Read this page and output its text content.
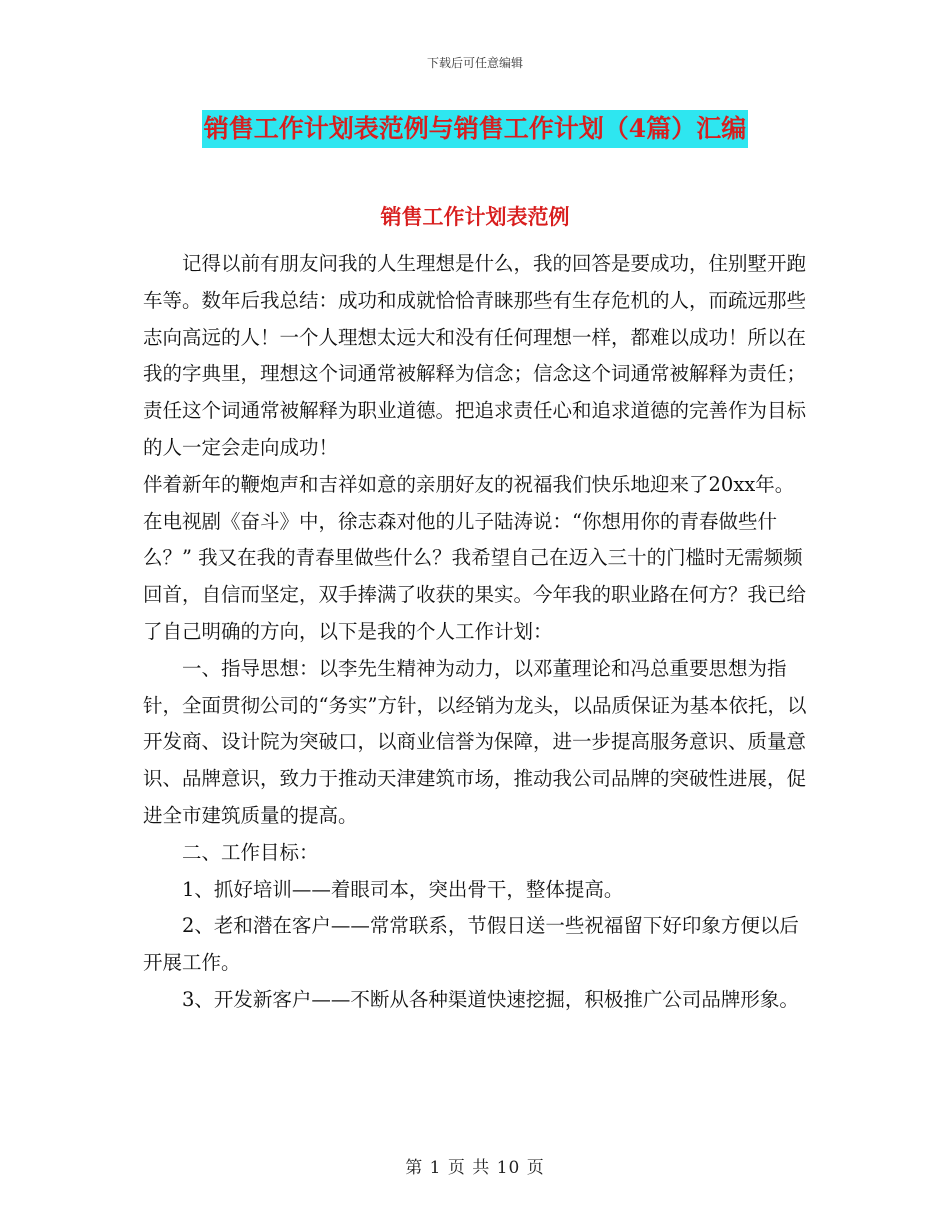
下载后可任意编辑
销售工作计划表范例与销售工作计划（4篇）汇编
销售工作计划表范例

记得以前有朋友问我的人生理想是什么，我的回答是要成功，住别墅开跑车等。数年后我总结：成功和成就恰恰青睐那些有生存危机的人，而疏远那些志向高远的人！一个人理想太远大和没有任何理想一样，都难以成功！所以在我的字典里，理想这个词通常被解释为信念；信念这个词通常被解释为责任；责任这个词通常被解释为职业道德。把追求责任心和追求道德的完善作为目标的人一定会走向成功！

伴着新年的鞭炮声和吉祥如意的亲朋好友的祝福我们快乐地迎来了20xx年。在电视剧《奋斗》中，徐志森对他的儿子陆涛说：“你想用你的青春做些什么？” 我又在我的青春里做些什么？我希望自己在迈入三十的门槛时无需频频回首，自信而坚定，双手捧满了收获的果实。今年我的职业路在何方？我已给了自己明确的方向，以下是我的个人工作计划：

一、指导思想：以李先生精神为动力，以邓董理论和冯总重要思想为指针，全面贯彻公司的“务实”方针，以经销为龙头，以品质保证为基本依托，以开发商、设计院为突破口，以商业信誉为保障，进一步提高服务意识、质量意识、品牌意识，致力于推动天津建筑市场，推动我公司品牌的突破性进展，促进全市建筑质量的提高。

二、工作目标：

1、抓好培训——着眼司本，突出骨干，整体提高。

2、老和潜在客户——常常联系，节假日送一些祝福留下好印象方便以后开展工作。

3、开发新客户——不断从各种渠道快速挖掘，积极推广公司品牌形象。

第 1 页 共 10 页
